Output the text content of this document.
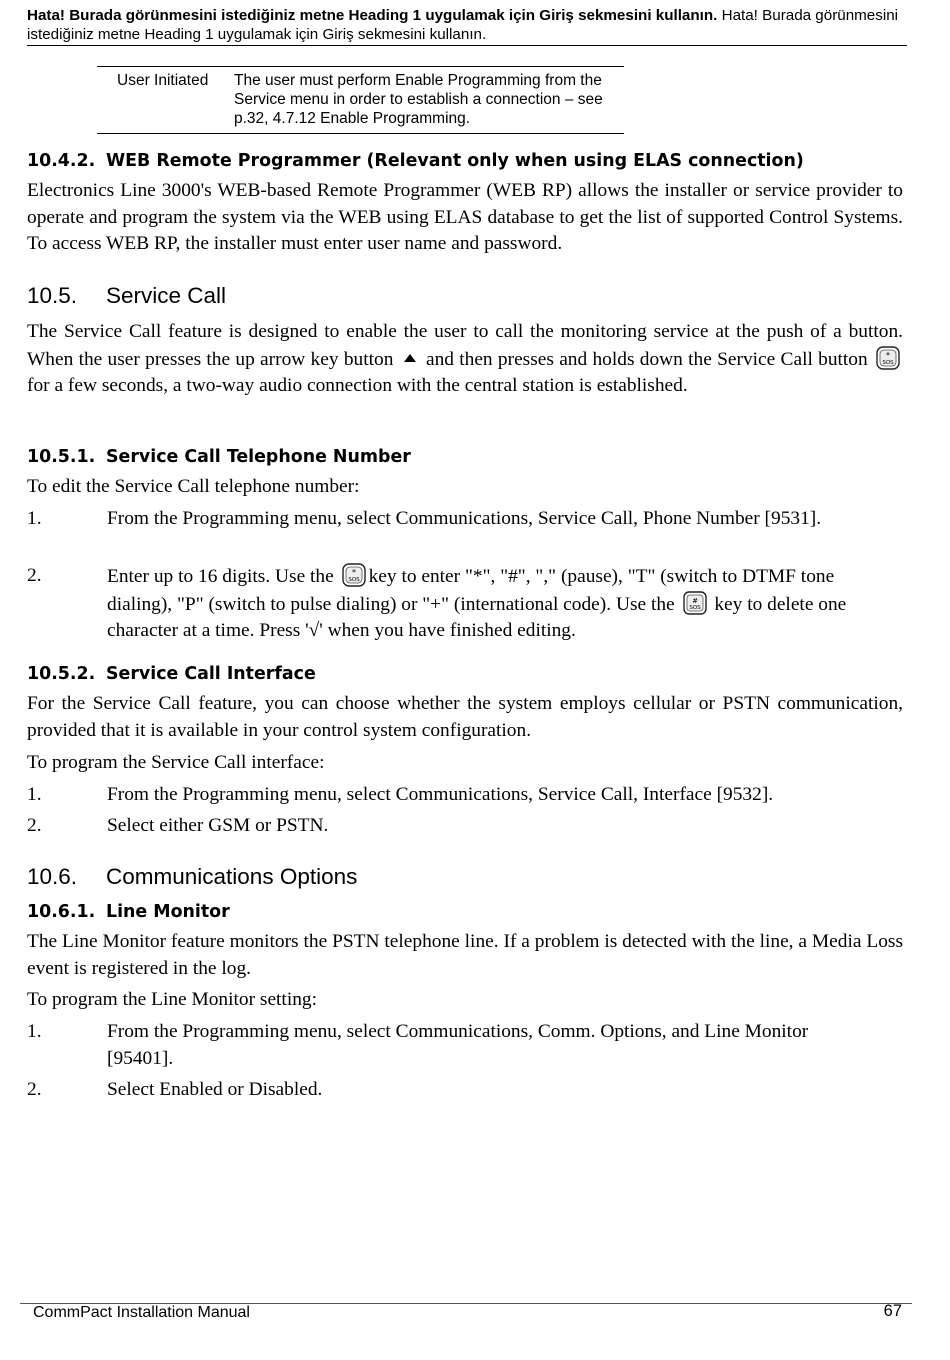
Hata! Burada görünmesini istediğiniz metne Heading 1 uygulamak için Giriş sekmesini kullanın. Hata! Burada görünmesini istediğiniz metne Heading 1 uygulamak için Giriş sekmesini kullanın.
User Initiated	The user must perform Enable Programming from the Service menu in order to establish a connection – see p.32, 4.7.12 Enable Programming.
10.4.2. WEB Remote Programmer (Relevant only when using ELAS connection)
Electronics Line 3000's WEB-based Remote Programmer (WEB RP) allows the installer or service provider to operate and program the system via the WEB using ELAS database to get the list of supported Control Systems. To access WEB RP, the installer must enter user name and password.
10.5. Service Call
The Service Call feature is designed to enable the user to call the monitoring service at the push of a button. When the user presses the up arrow key button and then presses and holds down the Service Call button *
SOS
for a few seconds, a two-way audio connection with the central station is established.
10.5.1. Service Call Telephone Number
To edit the Service Call telephone number:
1.	From the Programming menu, select Communications, Service Call, Phone Number [9531].
2.	Enter up to 16 digits. Use the *
SOS key to enter "*", "#", "," (pause), "T" (switch to DTMF tone dialing), "P" (switch to pulse dialing) or "+" (international code). Use the #
SOS key to delete one character at a time. Press '√' when you have finished editing.
10.5.2. Service Call Interface
For the Service Call feature, you can choose whether the system employs cellular or PSTN communication, provided that it is available in your control system configuration.
To program the Service Call interface:
1.	From the Programming menu, select Communications, Service Call, Interface [9532].
2.	Select either GSM or PSTN.
10.6. Communications Options
10.6.1. Line Monitor
The Line Monitor feature monitors the PSTN telephone line. If a problem is detected with the line, a Media Loss event is registered in the log.
To program the Line Monitor setting:
1.	From the Programming menu, select Communications, Comm. Options, and Line Monitor [95401].
2.	Select Enabled or Disabled.
CommPact Installation Manual	67
